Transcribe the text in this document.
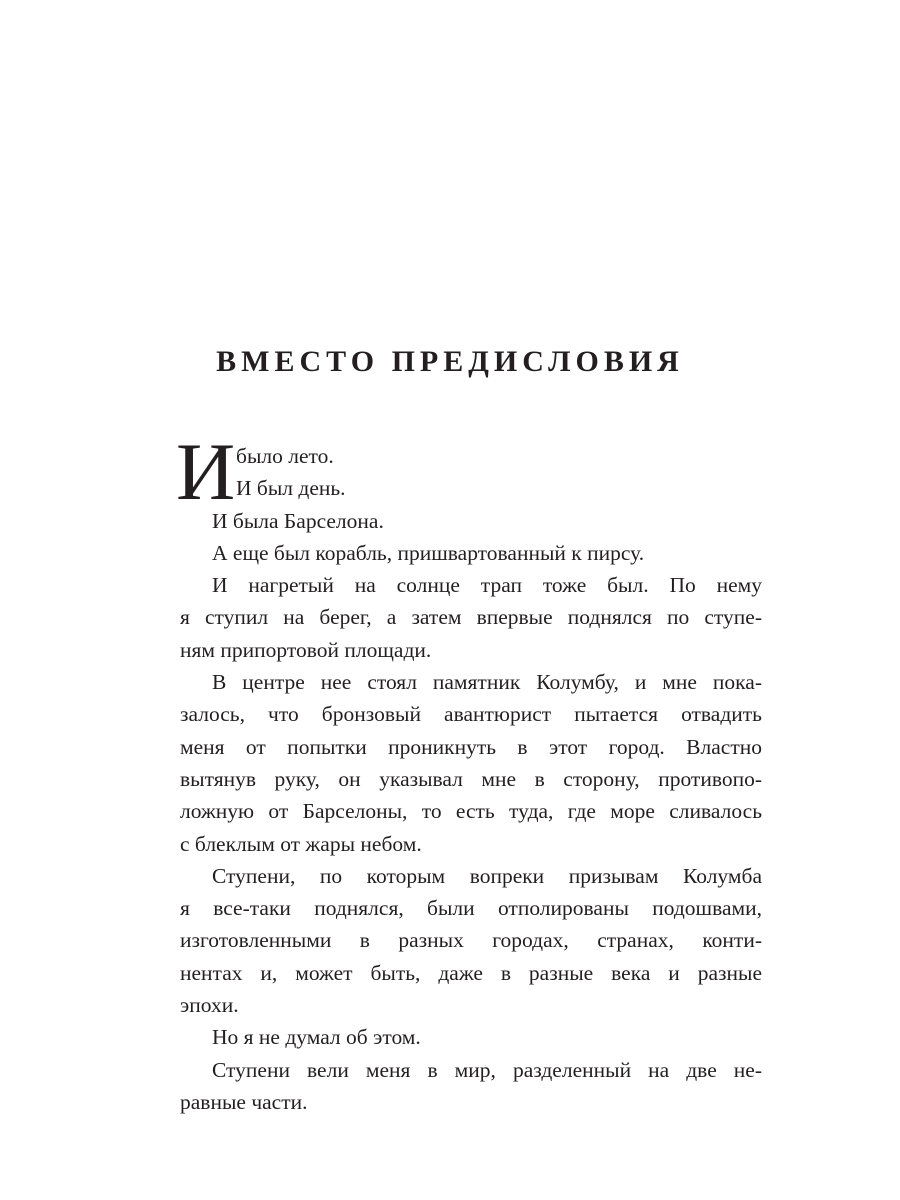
ВМЕСТО ПРЕДИСЛОВИЯ
И было лето.
И был день.
И была Барселона.
А еще был корабль, пришвартованный к пирсу.
И нагретый на солнце трап тоже был. По нему
я ступил на берег, а затем впервые поднялся по ступе-
ням припортовой площади.
В центре нее стоял памятник Колумбу, и мне пока-
залось, что бронзовый авантюрист пытается отвадить
меня от попытки проникнуть в этот город. Властно
вытянув руку, он указывал мне в сторону, противопо-
ложную от Барселоны, то есть туда, где море сливалось
с блеклым от жары небом.
Ступени, по которым вопреки призывам Колумба
я все-таки поднялся, были отполированы подошвами,
изготовленными в разных городах, странах, конти-
нентах и, может быть, даже в разные века и разные
эпохи.
Но я не думал об этом.
Ступени вели меня в мир, разделенный на две не-
равные части.
